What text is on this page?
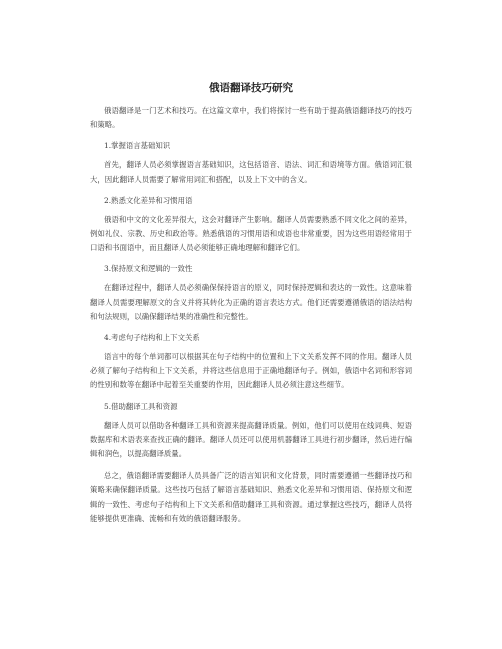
俄语翻译技巧研究

俄语翻译是一门艺术和技巧。在这篇文章中，我们将探讨一些有助于提高俄语翻译技巧的技巧和策略。

1.掌握语言基础知识

首先，翻译人员必须掌握语言基础知识，这包括语音、语法、词汇和语境等方面。俄语词汇很大，因此翻译人员需要了解常用词汇和搭配，以及上下文中的含义。

2.熟悉文化差异和习惯用语

俄语和中文的文化差异很大，这会对翻译产生影响。翻译人员需要熟悉不同文化之间的差异，例如礼仪、宗教、历史和政治等。熟悉俄语的习惯用语和成语也非常重要，因为这些用语经常用于口语和书面语中，而且翻译人员必须能够正确地理解和翻译它们。

3.保持原文和逻辑的一致性

在翻译过程中，翻译人员必须确保保持语言的原义，同时保持逻辑和表达的一致性。这意味着翻译人员需要理解原文的含义并将其转化为正确的语言表达方式。他们还需要遵循俄语的语法结构和句法规则，以确保翻译结果的准确性和完整性。

4.考虑句子结构和上下文关系

语言中的每个单词都可以根据其在句子结构中的位置和上下文关系发挥不同的作用。翻译人员必须了解句子结构和上下文关系，并将这些信息用于正确地翻译句子。例如，俄语中名词和形容词的性别和数等在翻译中起着至关重要的作用，因此翻译人员必须注意这些细节。

5.借助翻译工具和资源

翻译人员可以借助各种翻译工具和资源来提高翻译质量。例如，他们可以使用在线词典、短语数据库和术语表来查找正确的翻译。翻译人员还可以使用机器翻译工具进行初步翻译，然后进行编辑和润色，以提高翻译质量。

总之，俄语翻译需要翻译人员具备广泛的语言知识和文化背景，同时需要遵循一些翻译技巧和策略来确保翻译质量。这些技巧包括了解语言基础知识、熟悉文化差异和习惯用语、保持原文和逻辑的一致性、考虑句子结构和上下文关系和借助翻译工具和资源。通过掌握这些技巧，翻译人员将能够提供更准确、流畅和有效的俄语翻译服务。
